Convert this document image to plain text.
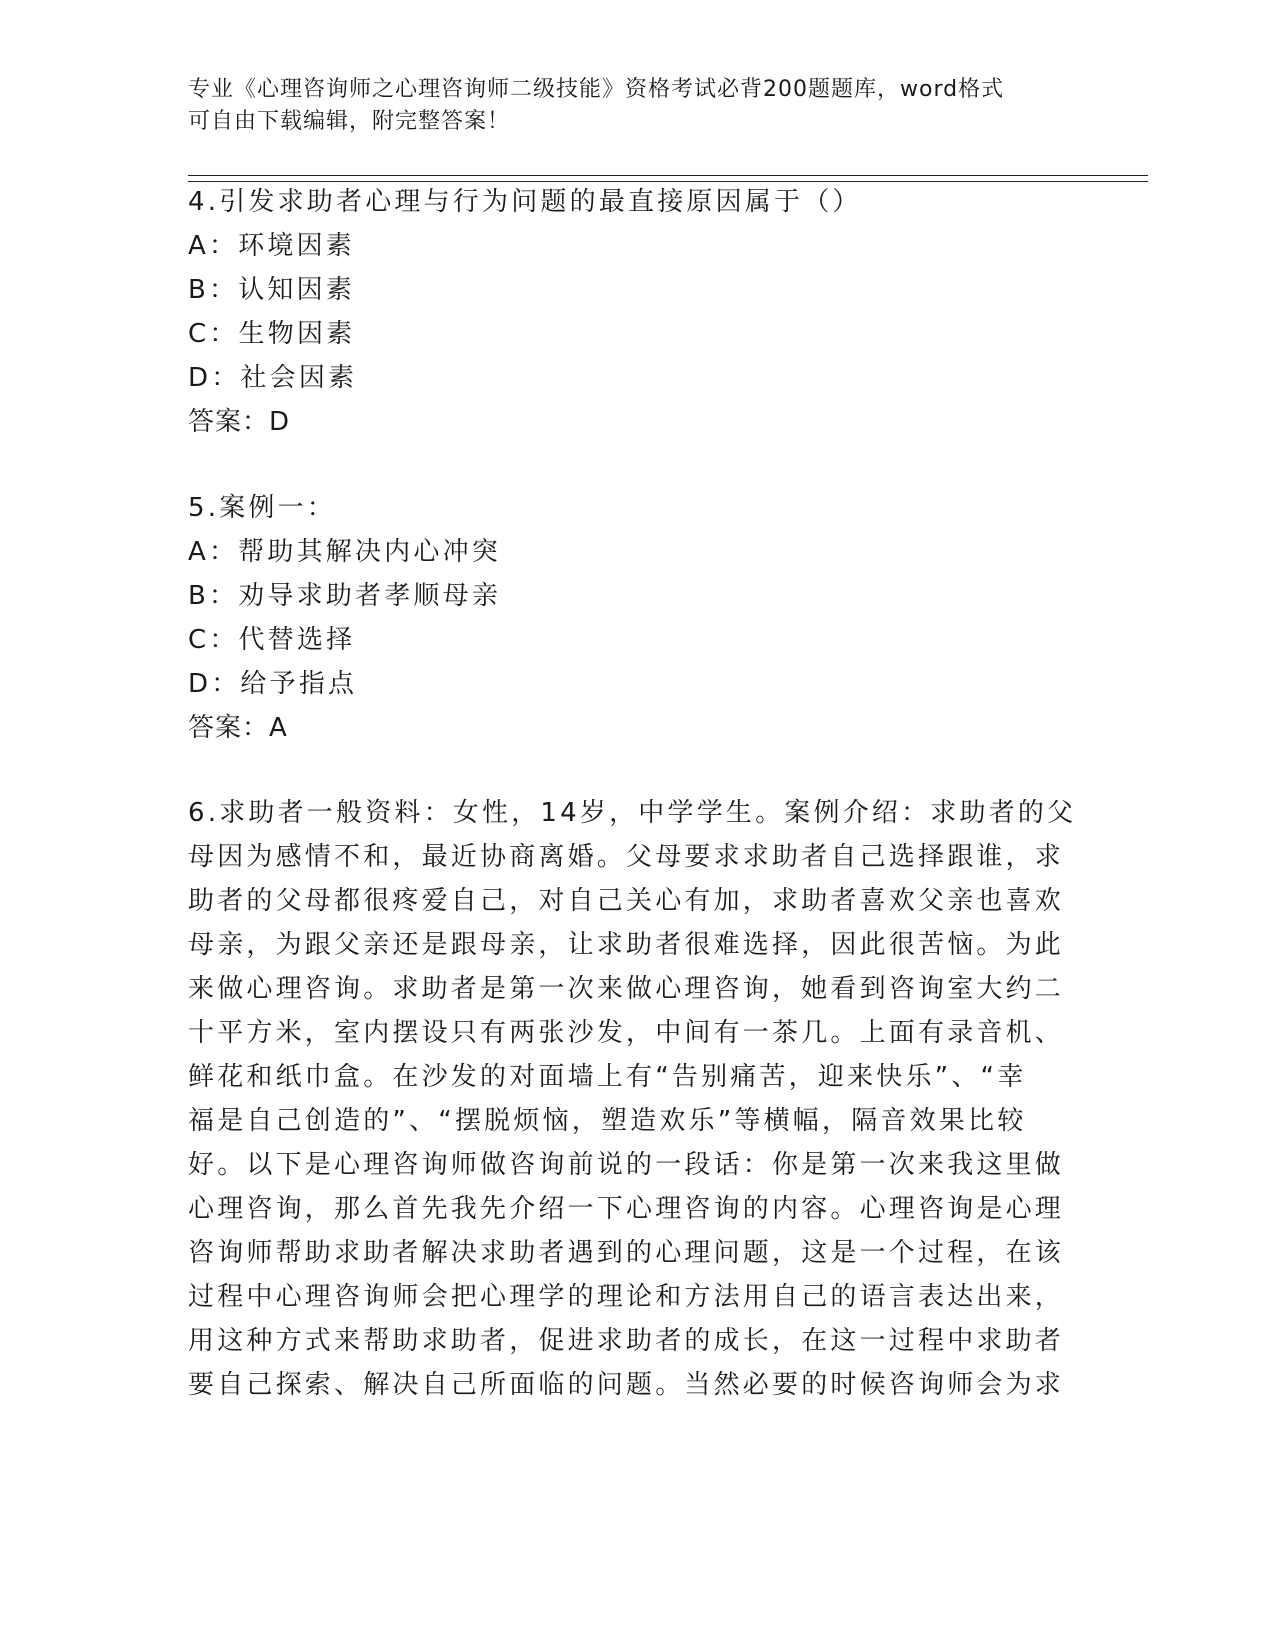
专业《心理咨询师之心理咨询师二级技能》资格考试必背200题题库，word格式
可自由下载编辑，附完整答案！
4.引发求助者心理与行为问题的最直接原因属于（）
A：环境因素
B：认知因素
C：生物因素
D：社会因素
答案：D
5.案例一：
A：帮助其解决内心冲突
B：劝导求助者孝顺母亲
C：代替选择
D：给予指点
答案：A
6.求助者一般资料：女性，14岁，中学学生。案例介绍：求助者的父
母因为感情不和，最近协商离婚。父母要求求助者自己选择跟谁，求
助者的父母都很疼爱自己，对自己关心有加，求助者喜欢父亲也喜欢
母亲，为跟父亲还是跟母亲，让求助者很难选择，因此很苦恼。为此
来做心理咨询。求助者是第一次来做心理咨询，她看到咨询室大约二
十平方米，室内摆设只有两张沙发，中间有一茶几。上面有录音机、
鲜花和纸巾盒。在沙发的对面墙上有“告别痛苦，迎来快乐”、“幸
福是自己创造的”、“摆脱烦恼，塑造欢乐”等横幅，隔音效果比较
好。以下是心理咨询师做咨询前说的一段话：你是第一次来我这里做
心理咨询，那么首先我先介绍一下心理咨询的内容。心理咨询是心理
咨询师帮助求助者解决求助者遇到的心理问题，这是一个过程，在该
过程中心理咨询师会把心理学的理论和方法用自己的语言表达出来，
用这种方式来帮助求助者，促进求助者的成长，在这一过程中求助者
要自己探索、解决自己所面临的问题。当然必要的时候咨询师会为求
